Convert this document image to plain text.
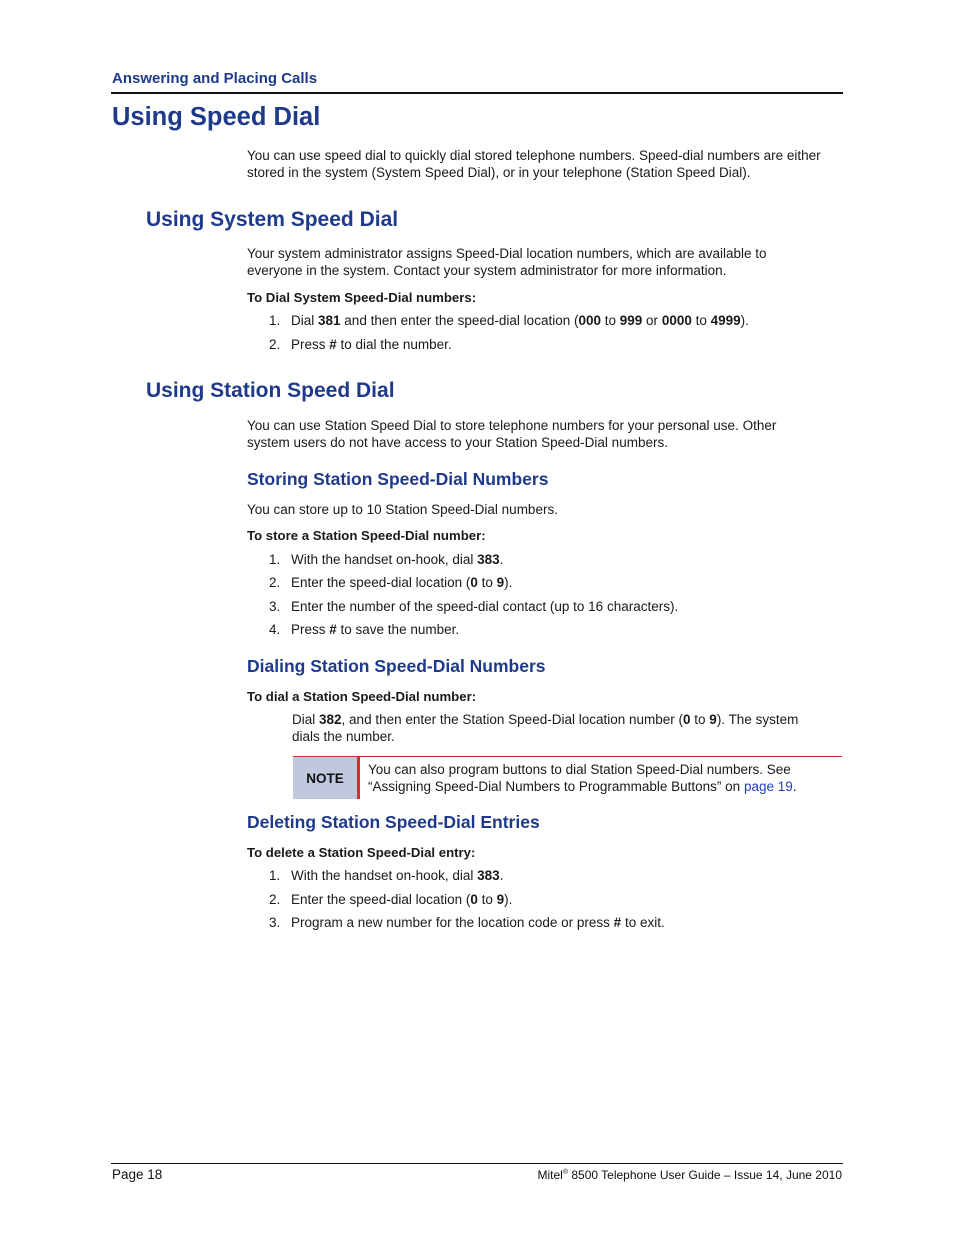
Answering and Placing Calls
Using Speed Dial
You can use speed dial to quickly dial stored telephone numbers. Speed-dial numbers are either
stored in the system (System Speed Dial), or in your telephone (Station Speed Dial).
Using System Speed Dial
Your system administrator assigns Speed-Dial location numbers, which are available to
everyone in the system. Contact your system administrator for more information.
To Dial System Speed-Dial numbers:
1. Dial 381 and then enter the speed-dial location (000 to 999 or 0000 to 4999).
2. Press # to dial the number.
Using Station Speed Dial
You can use Station Speed Dial to store telephone numbers for your personal use. Other
system users do not have access to your Station Speed-Dial numbers.
Storing Station Speed-Dial Numbers
You can store up to 10 Station Speed-Dial numbers.
To store a Station Speed-Dial number:
1. With the handset on-hook, dial 383.
2. Enter the speed-dial location (0 to 9).
3. Enter the number of the speed-dial contact (up to 16 characters).
4. Press # to save the number.
Dialing Station Speed-Dial Numbers
To dial a Station Speed-Dial number:
Dial 382, and then enter the Station Speed-Dial location number (0 to 9). The system
dials the number.
NOTE
You can also program buttons to dial Station Speed-Dial numbers. See
“Assigning Speed-Dial Numbers to Programmable Buttons” on page 19.
Deleting Station Speed-Dial Entries
To delete a Station Speed-Dial entry:
1. With the handset on-hook, dial 383.
2. Enter the speed-dial location (0 to 9).
3. Program a new number for the location code or press # to exit.
Page 18	Mitel® 8500 Telephone User Guide – Issue 14, June 2010
